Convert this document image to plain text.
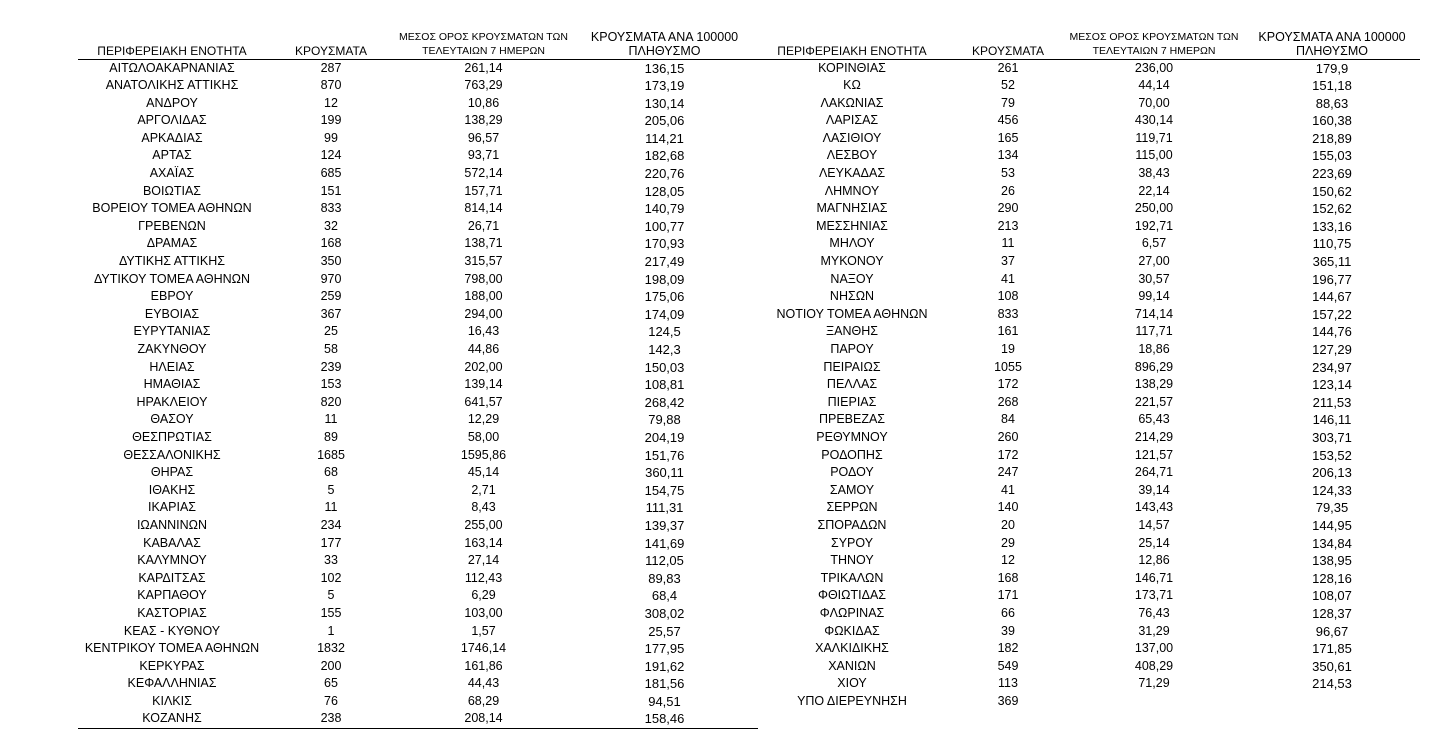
ΠΕΡΙΦΕΡΕΙΑΚΗ ΕΝΟΤΗΤΑ	ΚΡΟΥΣΜΑΤΑ	ΜΕΣΟΣ ΟΡΟΣ ΚΡΟΥΣΜΑΤΩΝ ΤΩΝ ΤΕΛΕΥΤΑΙΩΝ 7 ΗΜΕΡΩΝ	ΚΡΟΥΣΜΑΤΑ ΑΝΑ 100000 ΠΛΗΘΥΣΜΟ
ΑΙΤΩΛΟΑΚΑΡΝΑΝΙΑΣ	287	261,14	136,15
ΑΝΑΤΟΛΙΚΗΣ ΑΤΤΙΚΗΣ	870	763,29	173,19
ΑΝΔΡΟΥ	12	10,86	130,14
ΑΡΓΟΛΙΔΑΣ	199	138,29	205,06
ΑΡΚΑΔΙΑΣ	99	96,57	114,21
ΑΡΤΑΣ	124	93,71	182,68
ΑΧΑΪΑΣ	685	572,14	220,76
ΒΟΙΩΤΙΑΣ	151	157,71	128,05
ΒΟΡΕΙΟΥ ΤΟΜΕΑ ΑΘΗΝΩΝ	833	814,14	140,79
ΓΡΕΒΕΝΩΝ	32	26,71	100,77
ΔΡΑΜΑΣ	168	138,71	170,93
ΔΥΤΙΚΗΣ ΑΤΤΙΚΗΣ	350	315,57	217,49
ΔΥΤΙΚΟΥ ΤΟΜΕΑ ΑΘΗΝΩΝ	970	798,00	198,09
ΕΒΡΟΥ	259	188,00	175,06
ΕΥΒΟΙΑΣ	367	294,00	174,09
ΕΥΡΥΤΑΝΙΑΣ	25	16,43	124,5
ΖΑΚΥΝΘΟΥ	58	44,86	142,3
ΗΛΕΙΑΣ	239	202,00	150,03
ΗΜΑΘΙΑΣ	153	139,14	108,81
ΗΡΑΚΛΕΙΟΥ	820	641,57	268,42
ΘΑΣΟΥ	11	12,29	79,88
ΘΕΣΠΡΩΤΙΑΣ	89	58,00	204,19
ΘΕΣΣΑΛΟΝΙΚΗΣ	1685	1595,86	151,76
ΘΗΡΑΣ	68	45,14	360,11
ΙΘΑΚΗΣ	5	2,71	154,75
ΙΚΑΡΙΑΣ	11	8,43	111,31
ΙΩΑΝΝΙΝΩΝ	234	255,00	139,37
ΚΑΒΑΛΑΣ	177	163,14	141,69
ΚΑΛΥΜΝΟΥ	33	27,14	112,05
ΚΑΡΔΙΤΣΑΣ	102	112,43	89,83
ΚΑΡΠΑΘΟΥ	5	6,29	68,4
ΚΑΣΤΟΡΙΑΣ	155	103,00	308,02
ΚΕΑΣ - ΚΥΘΝΟΥ	1	1,57	25,57
ΚΕΝΤΡΙΚΟΥ ΤΟΜΕΑ ΑΘΗΝΩΝ	1832	1746,14	177,95
ΚΕΡΚΥΡΑΣ	200	161,86	191,62
ΚΕΦΑΛΛΗΝΙΑΣ	65	44,43	181,56
ΚΙΛΚΙΣ	76	68,29	94,51
ΚΟΖΑΝΗΣ	238	208,14	158,46
ΠΕΡΙΦΕΡΕΙΑΚΗ ΕΝΟΤΗΤΑ	ΚΡΟΥΣΜΑΤΑ	ΜΕΣΟΣ ΟΡΟΣ ΚΡΟΥΣΜΑΤΩΝ ΤΩΝ ΤΕΛΕΥΤΑΙΩΝ 7 ΗΜΕΡΩΝ	ΚΡΟΥΣΜΑΤΑ ΑΝΑ 100000 ΠΛΗΘΥΣΜΟ
ΚΟΡΙΝΘΙΑΣ	261	236,00	179,9
ΚΩ	52	44,14	151,18
ΛΑΚΩΝΙΑΣ	79	70,00	88,63
ΛΑΡΙΣΑΣ	456	430,14	160,38
ΛΑΣΙΘΙΟΥ	165	119,71	218,89
ΛΕΣΒΟΥ	134	115,00	155,03
ΛΕΥΚΑΔΑΣ	53	38,43	223,69
ΛΗΜΝΟΥ	26	22,14	150,62
ΜΑΓΝΗΣΙΑΣ	290	250,00	152,62
ΜΕΣΣΗΝΙΑΣ	213	192,71	133,16
ΜΗΛΟΥ	11	6,57	110,75
ΜΥΚΟΝΟΥ	37	27,00	365,11
ΝΑΞΟΥ	41	30,57	196,77
ΝΗΣΩΝ	108	99,14	144,67
ΝΟΤΙΟΥ ΤΟΜΕΑ ΑΘΗΝΩΝ	833	714,14	157,22
ΞΑΝΘΗΣ	161	117,71	144,76
ΠΑΡΟΥ	19	18,86	127,29
ΠΕΙΡΑΙΩΣ	1055	896,29	234,97
ΠΕΛΛΑΣ	172	138,29	123,14
ΠΙΕΡΙΑΣ	268	221,57	211,53
ΠΡΕΒΕΖΑΣ	84	65,43	146,11
ΡΕΘΥΜΝΟΥ	260	214,29	303,71
ΡΟΔΟΠΗΣ	172	121,57	153,52
ΡΟΔΟΥ	247	264,71	206,13
ΣΑΜΟΥ	41	39,14	124,33
ΣΕΡΡΩΝ	140	143,43	79,35
ΣΠΟΡΑΔΩΝ	20	14,57	144,95
ΣΥΡΟΥ	29	25,14	134,84
ΤΗΝΟΥ	12	12,86	138,95
ΤΡΙΚΑΛΩΝ	168	146,71	128,16
ΦΘΙΩΤΙΔΑΣ	171	173,71	108,07
ΦΛΩΡΙΝΑΣ	66	76,43	128,37
ΦΩΚΙΔΑΣ	39	31,29	96,67
ΧΑΛΚΙΔΙΚΗΣ	182	137,00	171,85
ΧΑΝΙΩΝ	549	408,29	350,61
ΧΙΟΥ	113	71,29	214,53
ΥΠΟ ΔΙΕΡΕΥΝΗΣΗ	369		
